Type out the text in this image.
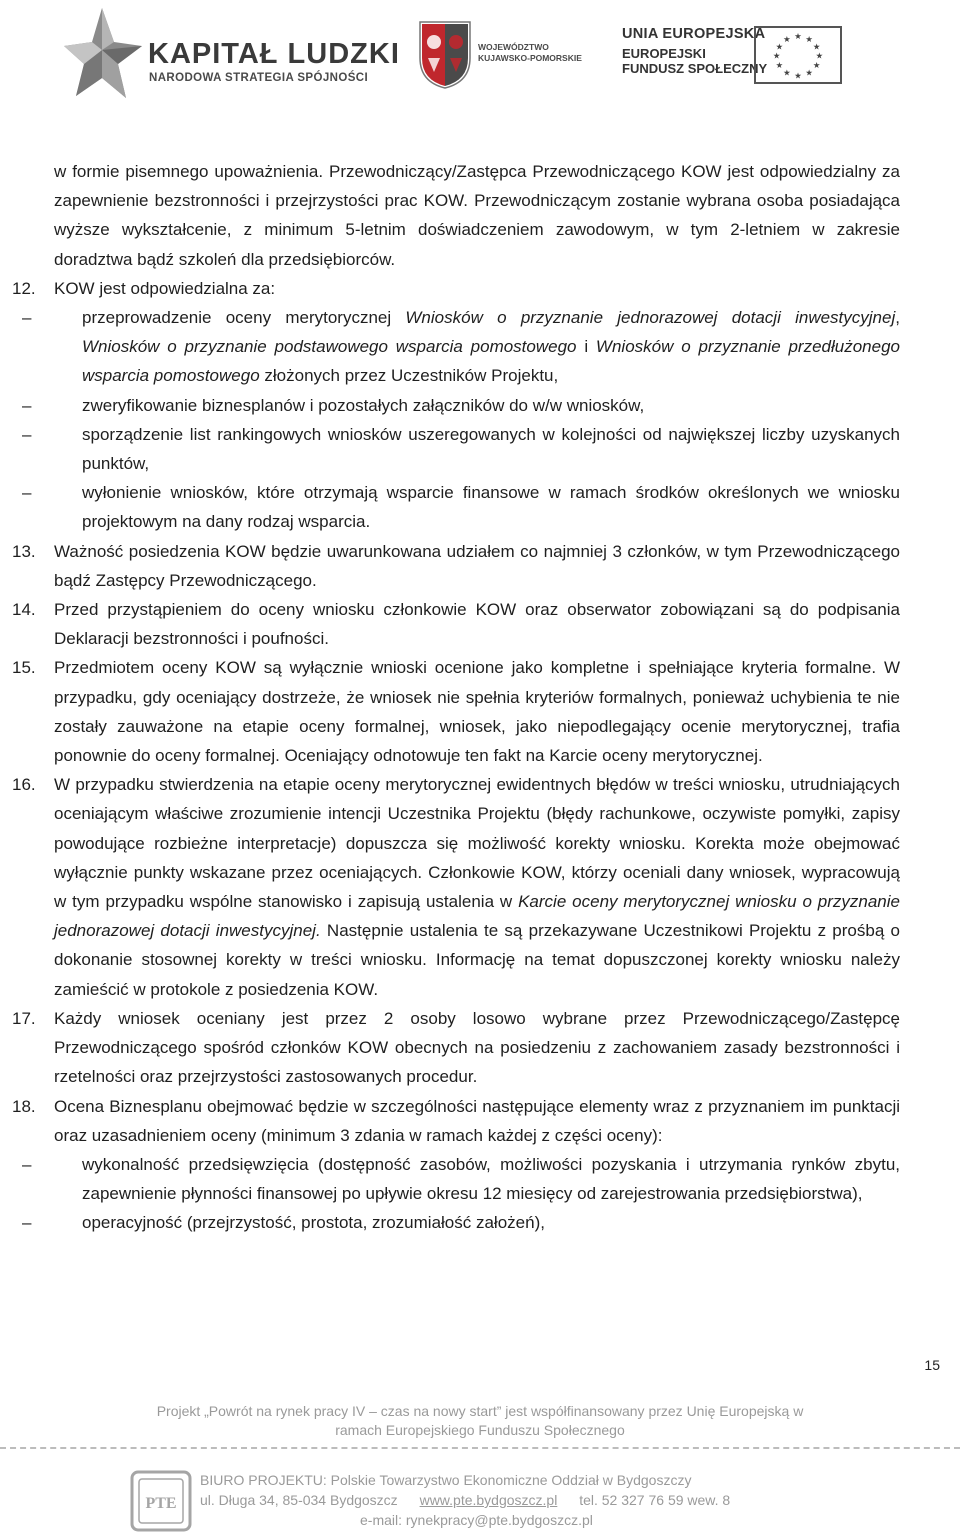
KAPITAŁ LUDZKI
NARODOWA STRATEGIA SPÓJNOŚCI
WOJEWÓDZTWO
KUJAWSKO-POMORSKIE
UNIA EUROPEJSKA
EUROPEJSKI
FUNDUSZ SPOŁECZNY
★ ★
★
★
★
★
★
★
★
★
★
★

w formie pisemnego upoważnienia. Przewodniczący/Zastępca Przewodniczącego KOW jest odpowiedzialny za zapewnienie bezstronności i przejrzystości prac KOW. Przewodniczącym zostanie wybrana osoba posiadająca wyższe wykształcenie, z minimum 5-letnim doświadczeniem zawodowym, w tym 2-letniem w zakresie doradztwa bądź szkoleń dla przedsiębiorców.

12.	KOW jest odpowiedzialna za:

–	przeprowadzenie oceny merytorycznej Wniosków o przyznanie jednorazowej dotacji inwestycyjnej, Wniosków o przyznanie podstawowego wsparcia pomostowego i Wniosków o przyznanie przedłużonego wsparcia pomostowego złożonych przez Uczestników Projektu,

–	zweryfikowanie biznesplanów i pozostałych załączników do w/w wniosków,

–	sporządzenie list rankingowych wniosków uszeregowanych w kolejności od największej liczby uzyskanych punktów,

–	wyłonienie wniosków, które otrzymają wsparcie finansowe w ramach środków określonych we wniosku projektowym na dany rodzaj wsparcia.

13.	Ważność posiedzenia KOW będzie uwarunkowana udziałem co najmniej 3 członków, w tym Przewodniczącego bądź Zastępcy Przewodniczącego.

14.	Przed przystąpieniem do oceny wniosku członkowie KOW oraz obserwator zobowiązani są do podpisania Deklaracji bezstronności i poufności.

15.	Przedmiotem oceny KOW są wyłącznie wnioski ocenione jako kompletne i spełniające kryteria formalne. W przypadku, gdy oceniający dostrzeże, że wniosek nie spełnia kryteriów formalnych, ponieważ uchybienia te nie zostały zauważone na etapie oceny formalnej, wniosek, jako niepodlegający ocenie merytorycznej, trafia ponownie do oceny formalnej. Oceniający odnotowuje ten fakt na Karcie oceny merytorycznej.

16.	W przypadku stwierdzenia na etapie oceny merytorycznej ewidentnych błędów w treści wniosku, utrudniających oceniającym właściwe zrozumienie intencji Uczestnika Projektu (błędy rachunkowe, oczywiste pomyłki, zapisy powodujące rozbieżne interpretacje) dopuszcza się możliwość korekty wniosku. Korekta może obejmować wyłącznie punkty wskazane przez oceniających. Członkowie KOW, którzy oceniali dany wniosek, wypracowują w tym przypadku wspólne stanowisko i zapisują ustalenia w Karcie oceny merytorycznej wniosku o przyznanie jednorazowej dotacji inwestycyjnej. Następnie ustalenia te są przekazywane Uczestnikowi Projektu z prośbą o dokonanie stosownej korekty w treści wniosku. Informację na temat dopuszczonej korekty wniosku należy zamieścić w protokole z posiedzenia KOW.

17.	Każdy wniosek oceniany jest przez 2 osoby losowo wybrane przez Przewodniczącego/Zastępcę Przewodniczącego spośród członków KOW obecnych na posiedzeniu z zachowaniem zasady bezstronności i rzetelności oraz przejrzystości zastosowanych procedur.

18.	Ocena Biznesplanu obejmować będzie w szczególności następujące elementy wraz z przyznaniem im punktacji oraz uzasadnieniem oceny (minimum 3 zdania w ramach każdej z części oceny):

–	wykonalność przedsięwzięcia (dostępność zasobów, możliwości pozyskania i utrzymania rynków zbytu, zapewnienie płynności finansowej po upływie okresu 12 miesięcy od zarejestrowania przedsiębiorstwa),

–	operacyjność (przejrzystość, prostota, zrozumiałość założeń),

15
Projekt „Powrót na rynek pracy IV – czas na nowy start” jest współfinansowany przez Unię Europejską w
ramach Europejskiego Funduszu Społecznego
PTE
BIURO PROJEKTU: Polskie Towarzystwo Ekonomiczne Oddział w Bydgoszczy
ul. Długa 34, 85-034 Bydgoszcz www.pte.bydgoszcz.pl tel. 52 327 76 59 wew. 8
e-mail: rynekpracy@pte.bydgoszcz.pl
